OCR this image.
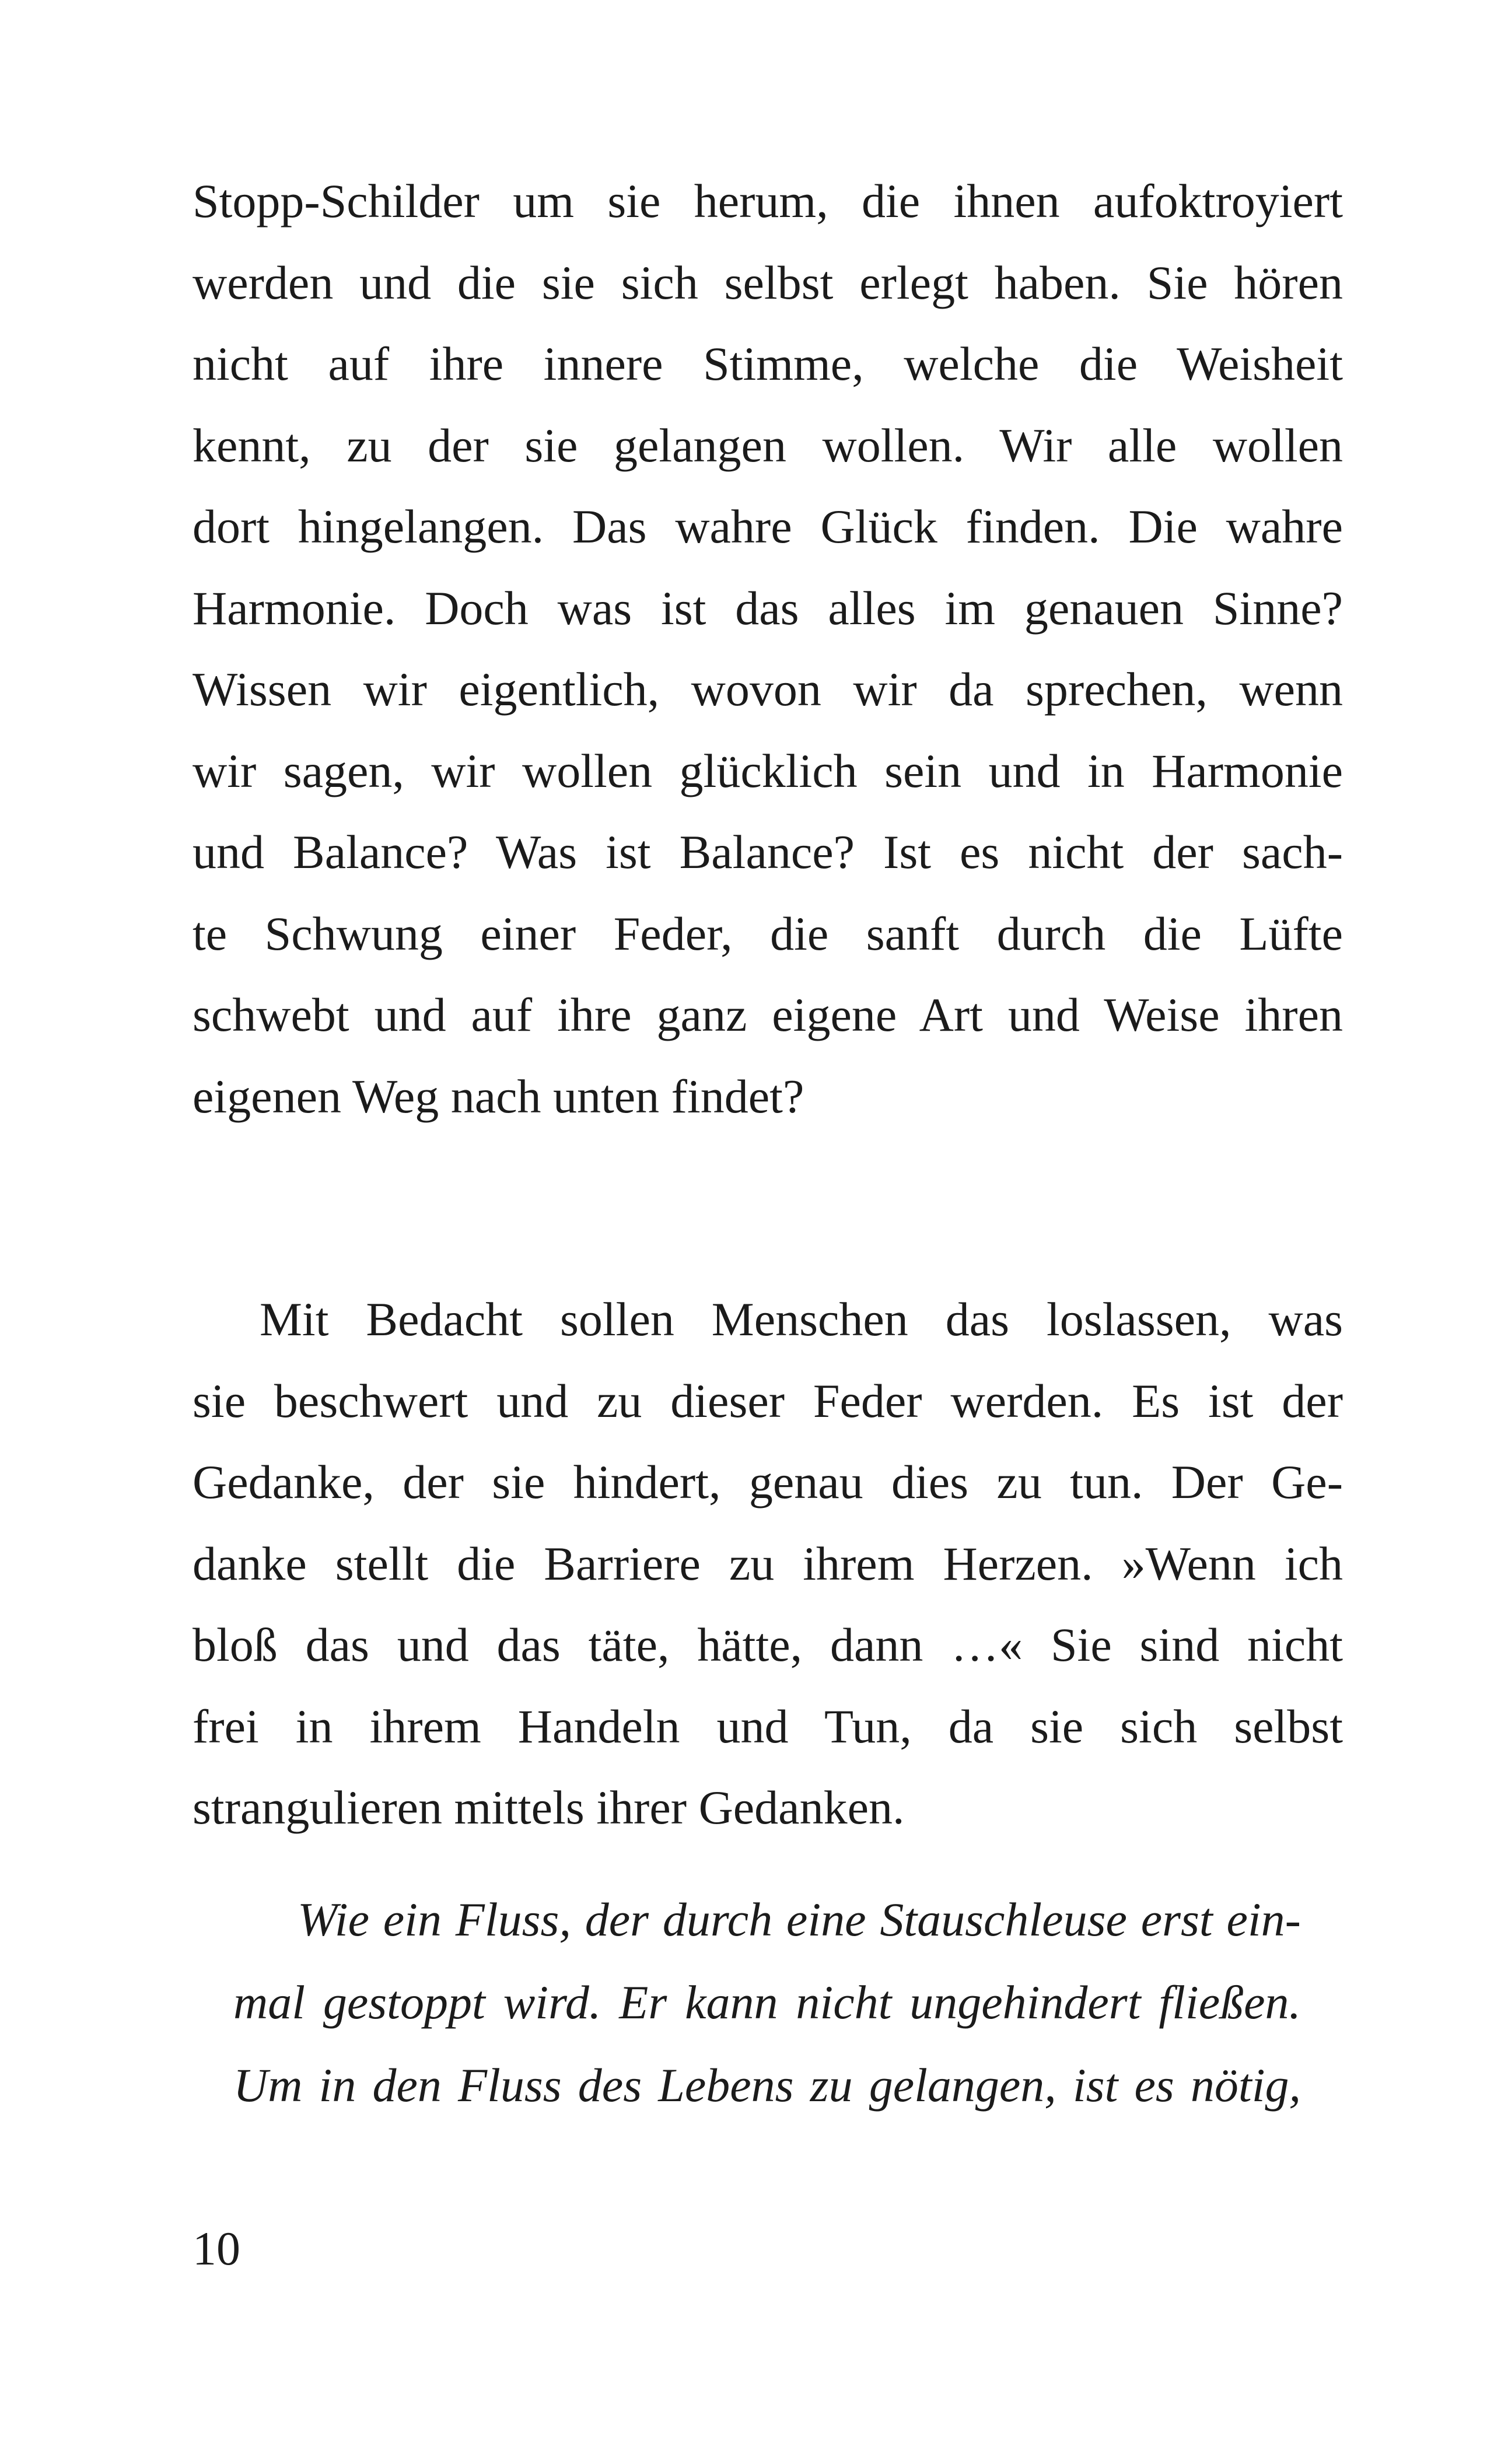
Stopp-Schilder um sie herum, die ihnen aufoktroyiert
werden und die sie sich selbst erlegt haben. Sie hören
nicht auf ihre innere Stimme, welche die Weisheit
kennt, zu der sie gelangen wollen. Wir alle wollen
dort hingelangen. Das wahre Glück finden. Die wahre
Harmonie. Doch was ist das alles im genauen Sinne?
Wissen wir eigentlich, wovon wir da sprechen, wenn
wir sagen, wir wollen glücklich sein und in Harmonie
und Balance? Was ist Balance? Ist es nicht der sach-
te Schwung einer Feder, die sanft durch die Lüfte
schwebt und auf ihre ganz eigene Art und Weise ihren
eigenen Weg nach unten findet?
Mit Bedacht sollen Menschen das loslassen, was
sie beschwert und zu dieser Feder werden. Es ist der
Gedanke, der sie hindert, genau dies zu tun. Der Ge-
danke stellt die Barriere zu ihrem Herzen. »Wenn ich
bloß das und das täte, hätte, dann …« Sie sind nicht
frei in ihrem Handeln und Tun, da sie sich selbst
strangulieren mittels ihrer Gedanken.
Wie ein Fluss, der durch eine Stauschleuse erst ein-
mal gestoppt wird. Er kann nicht ungehindert fließen.
Um in den Fluss des Lebens zu gelangen, ist es nötig,
10
